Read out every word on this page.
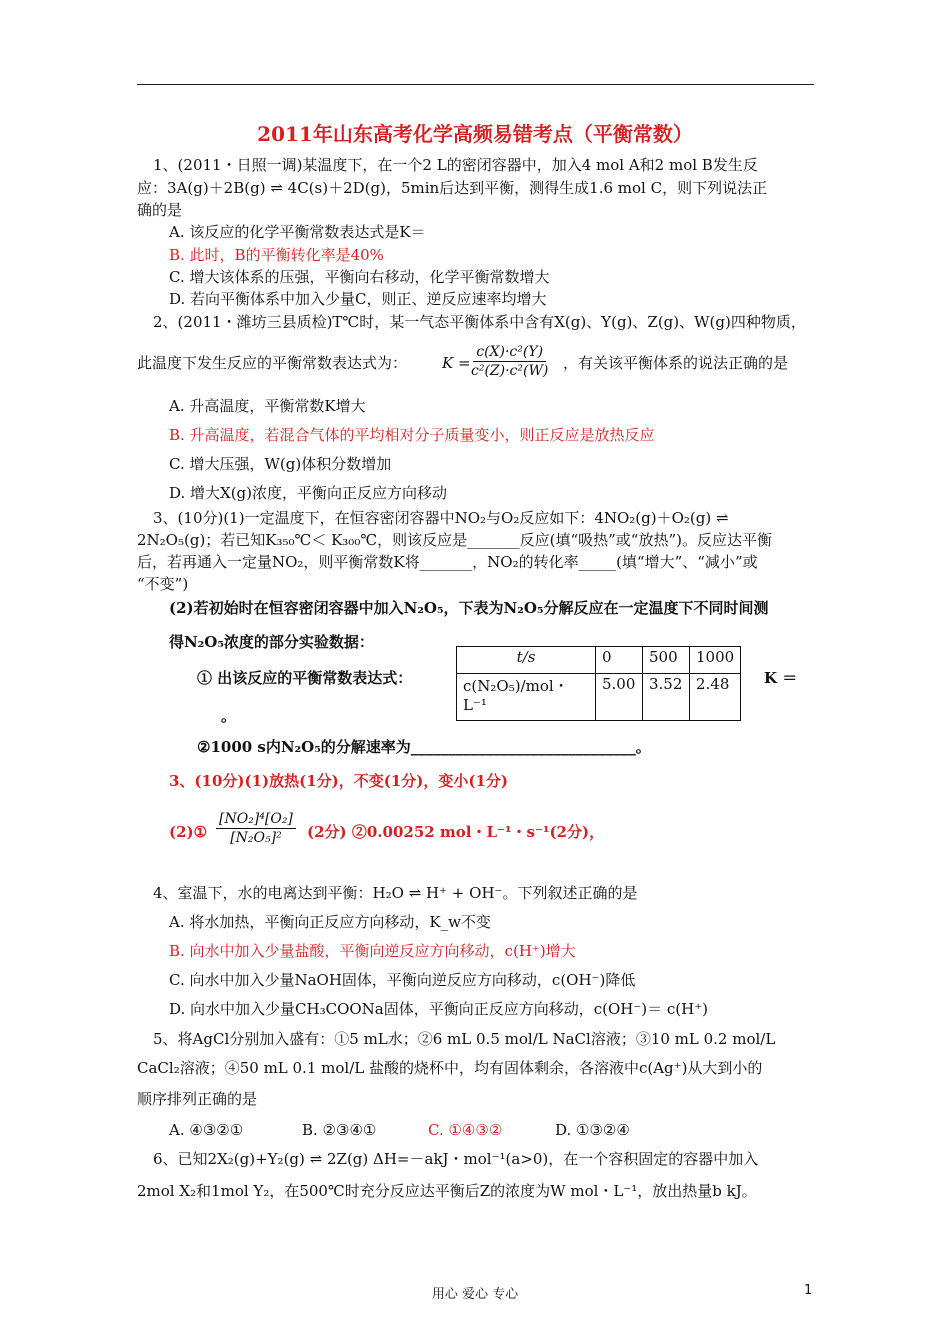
2011年山东高考化学高频易错考点（平衡常数）
1、(2011・日照一调)某温度下，在一个2 L的密闭容器中，加入4 mol A和2 mol B发生反
应：3A(g)＋2B(g) ⇌ 4C(s)＋2D(g)，5min后达到平衡，测得生成1.6 mol C，则下列说法正
确的是
A. 该反应的化学平衡常数表达式是K＝
B. 此时，B的平衡转化率是40%
C. 增大该体系的压强，平衡向右移动，化学平衡常数增大
D. 若向平衡体系中加入少量C，则正、逆反应速率均增大
2、(2011・潍坊三县质检)T℃时，某一气态平衡体系中含有X(g)、Y(g)、Z(g)、W(g)四种物质，
此温度下发生反应的平衡常数表达式为： K =
$\frac{\text{c(X)·c²(Y)}}{\text{c²(Z)·c²(W)}}$ ，有关该平衡体系的说法正确的是
A. 升高温度，平衡常数K增大
B. 升高温度，若混合气体的平均相对分子质量变小，则正反应是放热反应
C. 增大压强，W(g)体积分数增加
D. 增大X(g)浓度，平衡向正反应方向移动
3、(10分)(1)一定温度下，在恒容密闭容器中NO₂与O₂反应如下：4NO₂(g)＋O₂(g) ⇌
2N₂O₅(g)；若已知K₃₅₀℃＜ K₃₀₀℃，则该反应是_______反应(填“吸热”或“放热”)。反应达平衡
后，若再通入一定量NO₂，则平衡常数K将_______，NO₂的转化率_____(填“增大”、“减小”或
“不变”)
(2)若初始时在恒容密闭容器中加入N₂O₅，下表为N₂O₅分解反应在一定温度下不同时间测
得N₂O₅浓度的部分实验数据：
① 出该反应的平衡常数表达式：
t/s	0	500	1000
c(N₂O₅)/mol・L⁻¹	5.00	3.52	2.48 K ＝
。
②1000 s内N₂O₅的分解速率为______________________________。
3、(10分)(1)放热(1分)，不变(1分)，变小(1分)
(2)① $\frac{\text{[NO₂]⁴[O₂]}}{\text{[N₂O₅]²}} (2$分) ②0.00252 mol・L⁻¹・s⁻¹(2分)，
4、室温下，水的电离达到平衡：H₂O ⇌ H⁺ + OH⁻。下列叙述正确的是
A. 将水加热，平衡向正反应方向移动，K_w不变
B. 向水中加入少量盐酸，平衡向逆反应方向移动，c(H⁺)增大
C. 向水中加入少量NaOH固体，平衡向逆反应方向移动，c(OH⁻)降低
D. 向水中加入少量CH₃COONa固体，平衡向正反应方向移动，c(OH⁻)＝ c(H⁺)
5、将AgCl分别加入盛有：①5 mL水；②6 mL 0.5 mol/L NaCl溶液；③10 mL 0.2 mol/L
CaCl₂溶液；④50 mL 0.1 mol/L 盐酸的烧杯中，均有固体剩余，各溶液中c(Ag⁺)从大到小的
顺序排列正确的是
A. ④③②①	B. ②③④①	C. ①④③②	D. ①③②④
6、已知2X₂(g)+Y₂(g) ⇌ 2Z(g) ΔH=－akJ・mol⁻¹(a>0)，在一个容积固定的容器中加入
2mol X₂和1mol Y₂，在500℃时充分反应达平衡后Z的浓度为W mol・L⁻¹，放出热量b kJ。
用心 爱心 专心	1
